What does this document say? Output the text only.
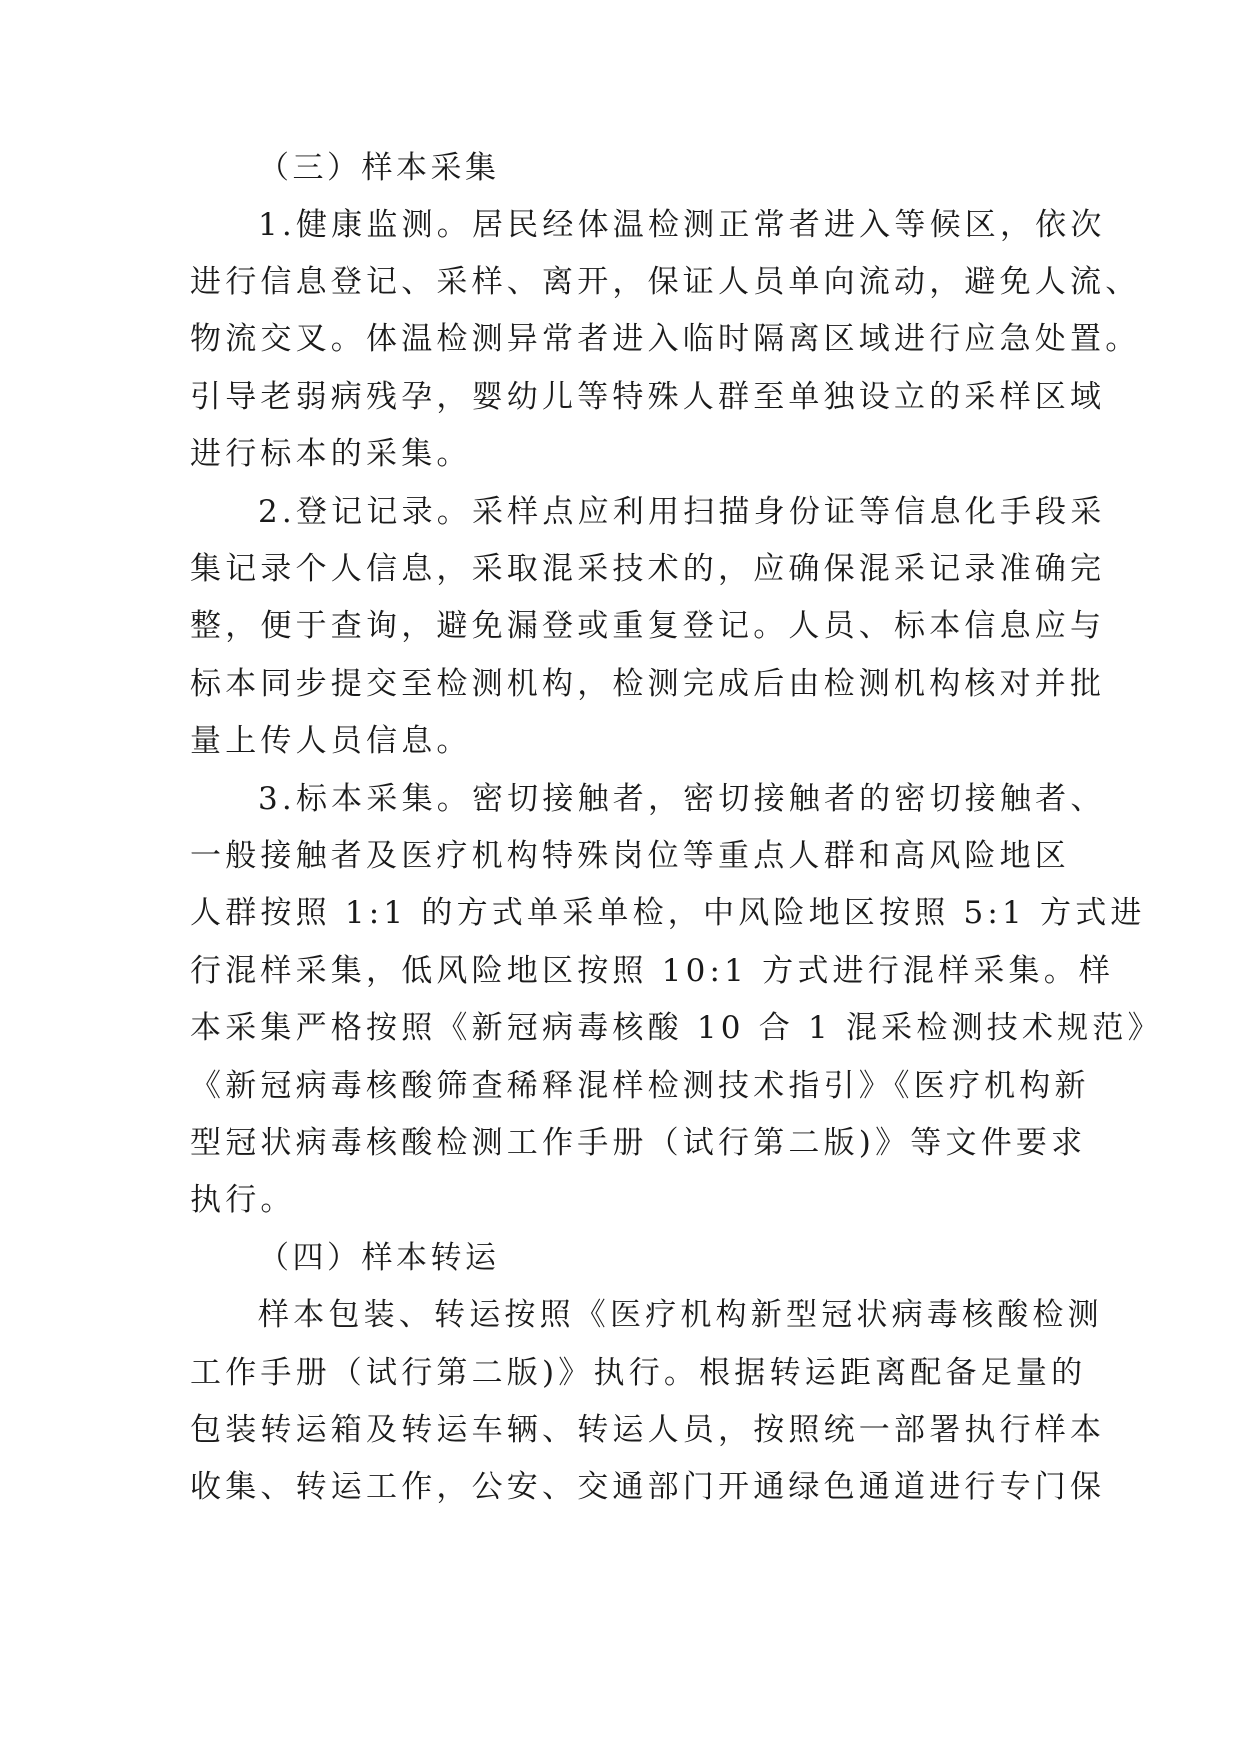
（三）样本采集
1.健康监测。居民经体温检测正常者进入等候区，依次
进行信息登记、采样、离开，保证人员单向流动，避免人流、
物流交叉。体温检测异常者进入临时隔离区域进行应急处置。
引导老弱病残孕，婴幼儿等特殊人群至单独设立的采样区域
进行标本的采集。
2.登记记录。采样点应利用扫描身份证等信息化手段采
集记录个人信息，采取混采技术的，应确保混采记录准确完
整，便于查询，避免漏登或重复登记。人员、标本信息应与
标本同步提交至检测机构，检测完成后由检测机构核对并批
量上传人员信息。
3.标本采集。密切接触者，密切接触者的密切接触者、
一般接触者及医疗机构特殊岗位等重点人群和高风险地区
人群按照 1:1 的方式单采单检，中风险地区按照 5:1 方式进
行混样采集，低风险地区按照 10:1 方式进行混样采集。样
本采集严格按照《新冠病毒核酸 10 合 1 混采检测技术规范》
《新冠病毒核酸筛查稀释混样检测技术指引》《医疗机构新
型冠状病毒核酸检测工作手册（试行第二版)》等文件要求
执行。
（四）样本转运
样本包装、转运按照《医疗机构新型冠状病毒核酸检测
工作手册（试行第二版)》执行。根据转运距离配备足量的
包装转运箱及转运车辆、转运人员，按照统一部署执行样本
收集、转运工作，公安、交通部门开通绿色通道进行专门保
